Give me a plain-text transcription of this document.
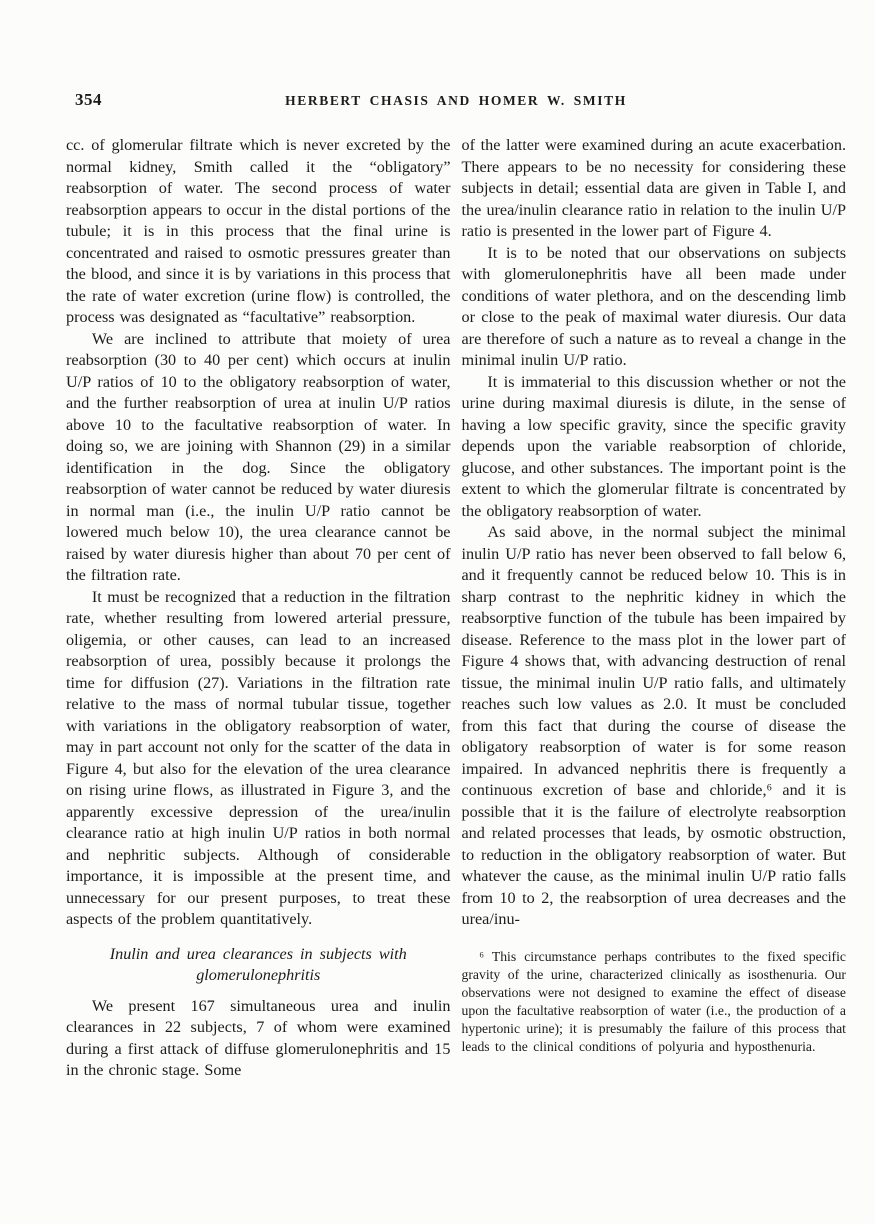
354	HERBERT CHASIS AND HOMER W. SMITH

cc. of glomerular filtrate which is never excreted by the normal kidney, Smith called it the “obligatory” reabsorption of water. The second process of water reabsorption appears to occur in the distal portions of the tubule; it is in this process that the final urine is concentrated and raised to osmotic pressures greater than the blood, and since it is by variations in this process that the rate of water excretion (urine flow) is controlled, the process was designated as “facultative” reabsorption.

We are inclined to attribute that moiety of urea reabsorption (30 to 40 per cent) which occurs at inulin U/P ratios of 10 to the obligatory reabsorption of water, and the further reabsorption of urea at inulin U/P ratios above 10 to the facultative reabsorption of water. In doing so, we are joining with Shannon (29) in a similar identification in the dog. Since the obligatory reabsorption of water cannot be reduced by water diuresis in normal man (i.e., the inulin U/P ratio cannot be lowered much below 10), the urea clearance cannot be raised by water diuresis higher than about 70 per cent of the filtration rate.

It must be recognized that a reduction in the filtration rate, whether resulting from lowered arterial pressure, oligemia, or other causes, can lead to an increased reabsorption of urea, possibly because it prolongs the time for diffusion (27). Variations in the filtration rate relative to the mass of normal tubular tissue, together with variations in the obligatory reabsorption of water, may in part account not only for the scatter of the data in Figure 4, but also for the elevation of the urea clearance on rising urine flows, as illustrated in Figure 3, and the apparently excessive depression of the urea/inulin clearance ratio at high inulin U/P ratios in both normal and nephritic subjects. Although of considerable importance, it is impossible at the present time, and unnecessary for our present purposes, to treat these aspects of the problem quantitatively.

Inulin and urea clearances in subjects with glomerulonephritis

We present 167 simultaneous urea and inulin clearances in 22 subjects, 7 of whom were examined during a first attack of diffuse glomerulonephritis and 15 in the chronic stage. Some

of the latter were examined during an acute exacerbation. There appears to be no necessity for considering these subjects in detail; essential data are given in Table I, and the urea/inulin clearance ratio in relation to the inulin U/P ratio is presented in the lower part of Figure 4.

It is to be noted that our observations on subjects with glomerulonephritis have all been made under conditions of water plethora, and on the descending limb or close to the peak of maximal water diuresis. Our data are therefore of such a nature as to reveal a change in the minimal inulin U/P ratio.

It is immaterial to this discussion whether or not the urine during maximal diuresis is dilute, in the sense of having a low specific gravity, since the specific gravity depends upon the variable reabsorption of chloride, glucose, and other substances. The important point is the extent to which the glomerular filtrate is concentrated by the obligatory reabsorption of water.

As said above, in the normal subject the minimal inulin U/P ratio has never been observed to fall below 6, and it frequently cannot be reduced below 10. This is in sharp contrast to the nephritic kidney in which the reabsorptive function of the tubule has been impaired by disease. Reference to the mass plot in the lower part of Figure 4 shows that, with advancing destruction of renal tissue, the minimal inulin U/P ratio falls, and ultimately reaches such low values as 2.0. It must be concluded from this fact that during the course of disease the obligatory reabsorption of water is for some reason impaired. In advanced nephritis there is frequently a continuous excretion of base and chloride,⁶ and it is possible that it is the failure of electrolyte reabsorption and related processes that leads, by osmotic obstruction, to reduction in the obligatory reabsorption of water. But whatever the cause, as the minimal inulin U/P ratio falls from 10 to 2, the reabsorption of urea decreases and the urea/inu-

⁶ This circumstance perhaps contributes to the fixed specific gravity of the urine, characterized clinically as isosthenuria. Our observations were not designed to examine the effect of disease upon the facultative reabsorption of water (i.e., the production of a hypertonic urine); it is presumably the failure of this process that leads to the clinical conditions of polyuria and hyposthenuria.
